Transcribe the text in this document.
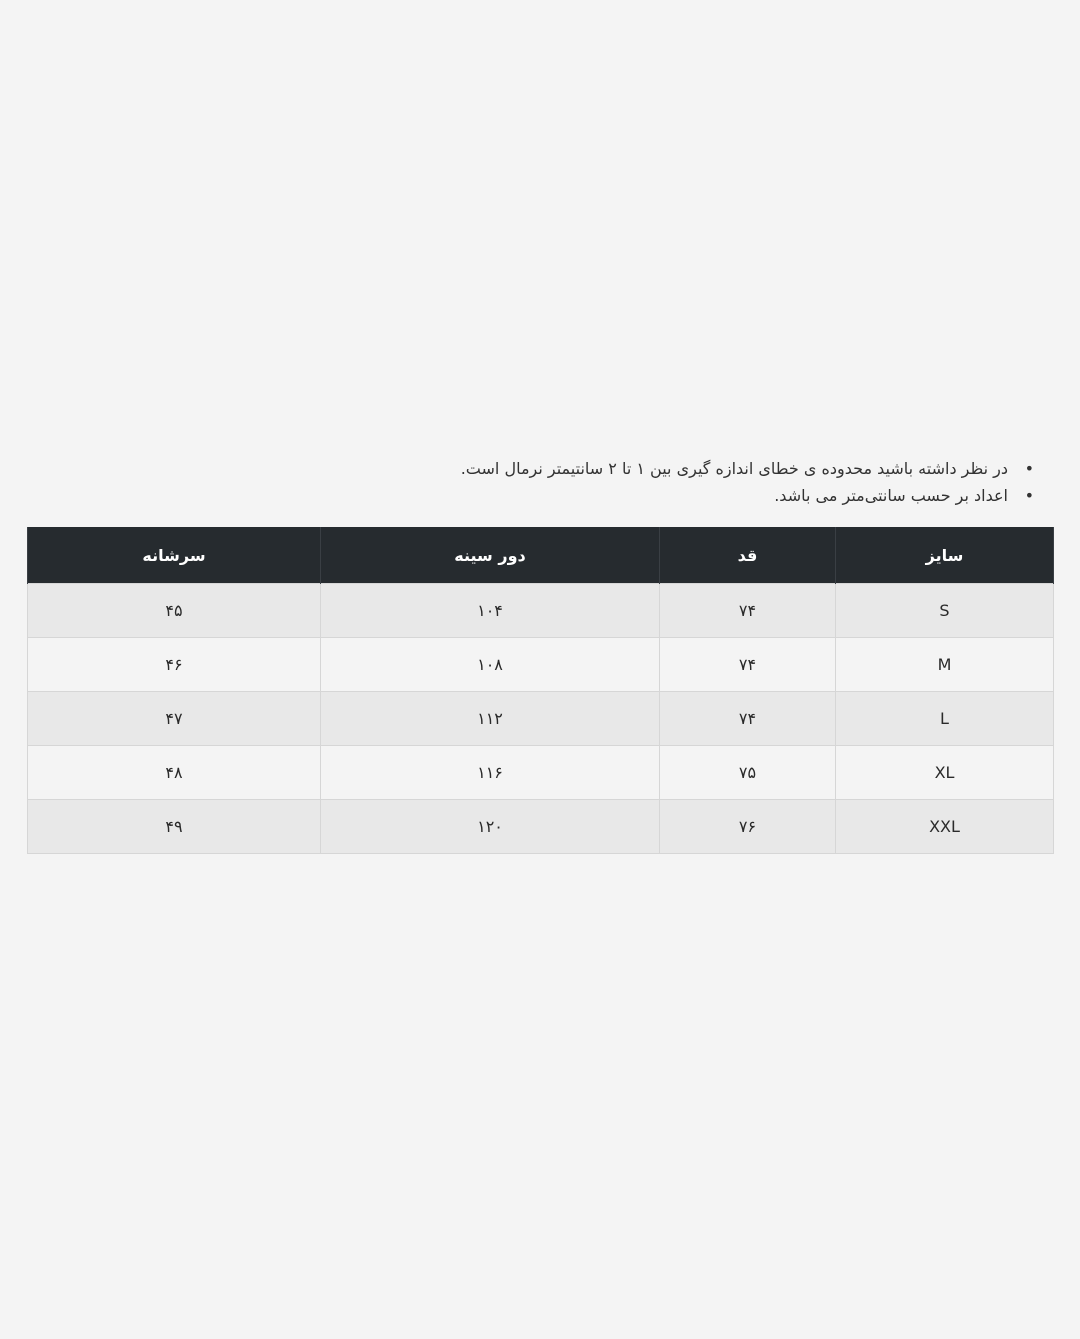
•
در نظر داشته باشید محدوده ی خطای اندازه گیری بین ۱ تا ۲ سانتیمتر نرمال است.
•
اعداد بر حسب سانتی‌متر می باشد.
سایز	قد	دور سینه	سرشانه
S	۷۴	۱۰۴	۴۵
M	۷۴	۱۰۸	۴۶
L	۷۴	۱۱۲	۴۷
XL	۷۵	۱۱۶	۴۸
XXL	۷۶	۱۲۰	۴۹
